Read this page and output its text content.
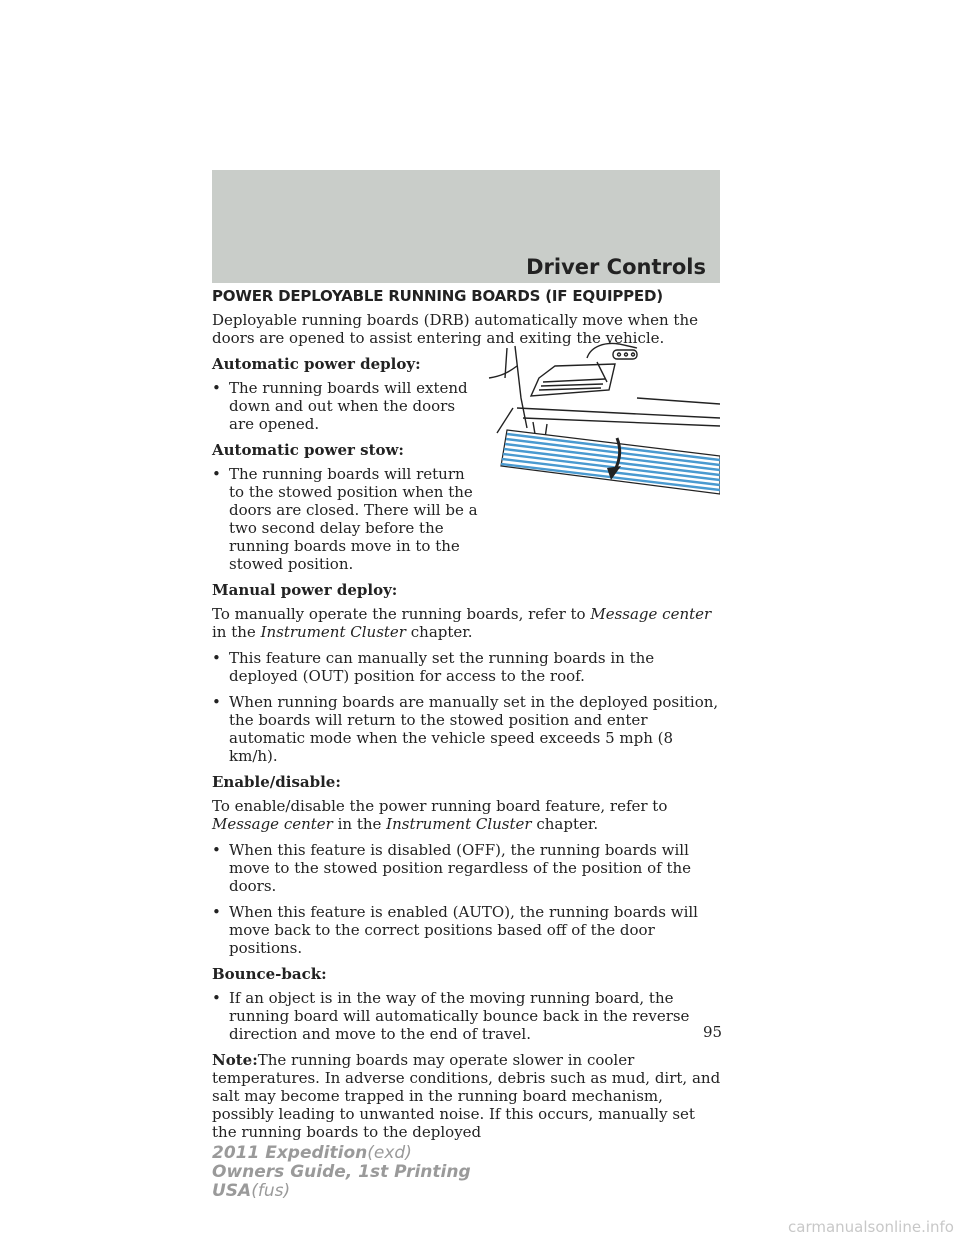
Driver Controls
POWER DEPLOYABLE RUNNING BOARDS (IF EQUIPPED)

Deployable running boards (DRB) automatically move when the doors are opened to assist entering and exiting the vehicle.

Automatic power deploy:
• The running boards will extend down and out when the doors are opened.
Automatic power stow:
• The running boards will return to the stowed position when the doors are closed. There will be a two second delay before the running boards move in to the stowed position.
Manual power deploy:

To manually operate the running boards, refer to Message center in the Instrument Cluster chapter.

• This feature can manually set the running boards in the deployed (OUT) position for access to the roof.
• When running boards are manually set in the deployed position, the boards will return to the stowed position and enter automatic mode when the vehicle speed exceeds 5 mph (8 km/h).
Enable/disable:

To enable/disable the power running board feature, refer to Message center in the Instrument Cluster chapter.

• When this feature is disabled (OFF), the running boards will move to the stowed position regardless of the position of the doors.
• When this feature is enabled (AUTO), the running boards will move back to the correct positions based off of the door positions.
Bounce-back:
• If an object is in the way of the moving running board, the running board will automatically bounce back in the reverse direction and move to the end of travel.

Note:The running boards may operate slower in cooler temperatures. In adverse conditions, debris such as mud, dirt, and salt may become trapped in the running board mechanism, possibly leading to unwanted noise. If this occurs, manually set the running boards to the deployed

95
2011 Expedition(exd)
Owners Guide, 1st Printing
USA(fus)
carmanualsonline.info
